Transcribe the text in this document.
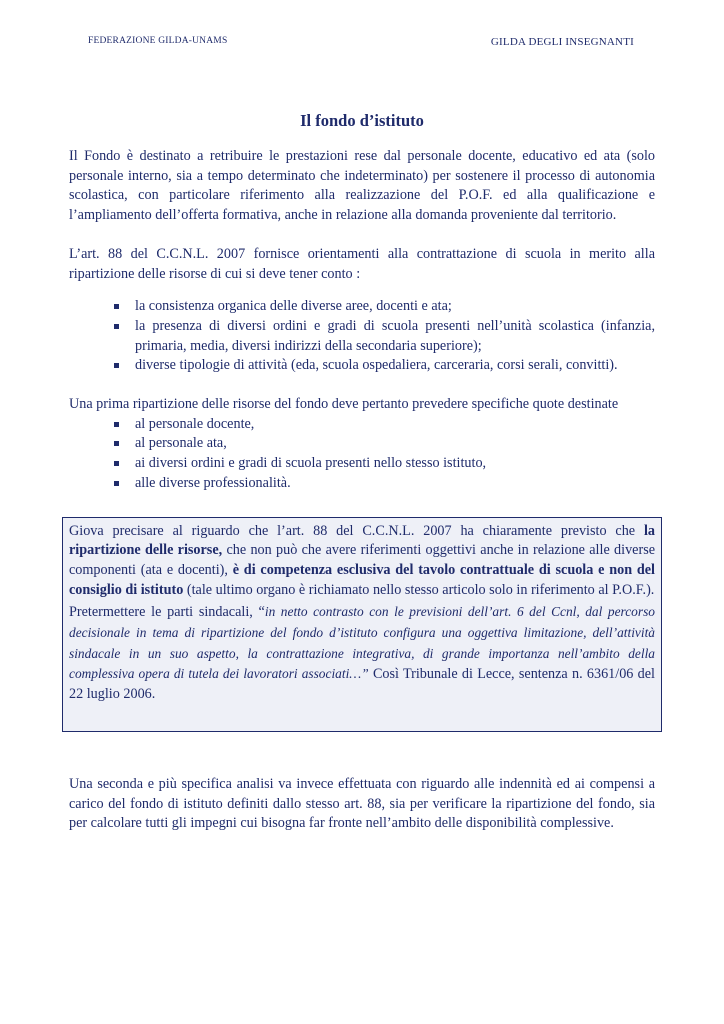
FEDERAZIONE GILDA-UNAMS	GILDA DEGLI INSEGNANTI
Il fondo d’istituto

Il Fondo è destinato a retribuire le prestazioni rese dal personale docente, educativo ed ata (solo personale interno, sia a tempo determinato che indeterminato) per sostenere il processo di autonomia scolastica, con particolare riferimento alla realizzazione del P.O.F. ed alla qualificazione e l’ampliamento dell’offerta formativa, anche in relazione alla domanda proveniente dal territorio.

L’art. 88 del C.C.N.L. 2007 fornisce orientamenti alla contrattazione di scuola in merito alla ripartizione delle risorse di cui si deve tener conto :

la consistenza organica delle diverse aree, docenti e ata;
la presenza di diversi ordini e gradi di scuola presenti nell’unità scolastica (infanzia, primaria, media, diversi indirizzi della secondaria superiore);
diverse tipologie di attività (eda, scuola ospedaliera, carceraria, corsi serali, convitti).

Una prima ripartizione delle risorse del fondo deve pertanto prevedere specifiche quote destinate

al personale docente,
al personale ata,
ai diversi ordini e gradi di scuola presenti nello stesso istituto,
alle diverse professionalità.

Giova precisare al riguardo che l’art. 88 del C.C.N.L. 2007 ha chiaramente previsto che la ripartizione delle risorse, che non può che avere riferimenti oggettivi anche in relazione alle diverse componenti (ata e docenti), è di competenza esclusiva del tavolo contrattuale di scuola e non del consiglio di istituto (tale ultimo organo è richiamato nello stesso articolo solo in riferimento al P.O.F.).

Pretermettere le parti sindacali, “in netto contrasto con le previsioni dell’art. 6 del Ccnl, dal percorso decisionale in tema di ripartizione del fondo d’istituto configura una oggettiva limitazione, dell’attività sindacale in un suo aspetto, la contrattazione integrativa, di grande importanza nell’ambito della complessiva opera di tutela dei lavoratori associati…” Così Tribunale di Lecce, sentenza n. 6361/06 del 22 luglio 2006.

Una seconda e più specifica analisi va invece effettuata con riguardo alle indennità ed ai compensi a carico del fondo di istituto definiti dallo stesso art. 88, sia per verificare la ripartizione del fondo, sia per calcolare tutti gli impegni cui bisogna far fronte nell’ambito delle disponibilità complessive.
